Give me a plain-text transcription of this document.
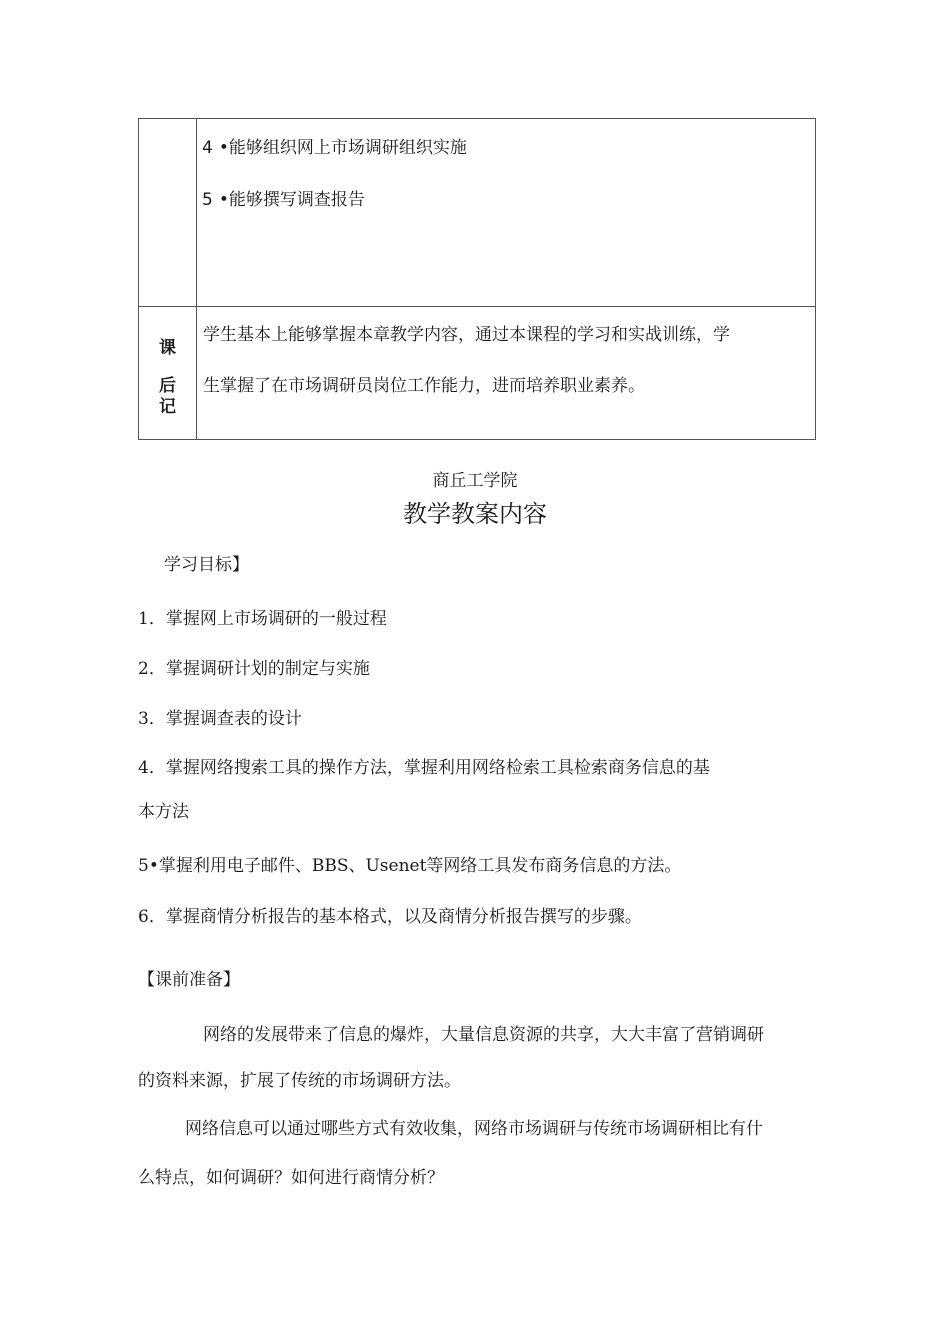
4 •能够组织网上市场调研组织实施
5 •能够撰写调查报告
课
后
记
学生基本上能够掌握本章教学内容，通过本课程的学习和实战训练，学
生掌握了在市场调研员岗位工作能力，进而培养职业素养。
商丘工学院
教学教案内容
学习目标】
1．掌握网上市场调研的一般过程
2．掌握调研计划的制定与实施
3．掌握调查表的设计
4．掌握网络搜索工具的操作方法，掌握利用网络检索工具检索商务信息的基
本方法
5•掌握利用电子邮件、BBS、Usenet等网络工具发布商务信息的方法。
6．掌握商情分析报告的基本格式，以及商情分析报告撰写的步骤。
【课前准备】
网络的发展带来了信息的爆炸，大量信息资源的共享，大大丰富了营销调研
的资料来源，扩展了传统的市场调研方法。
网络信息可以通过哪些方式有效收集，网络市场调研与传统市场调研相比有什
么特点，如何调研？如何进行商情分析？
